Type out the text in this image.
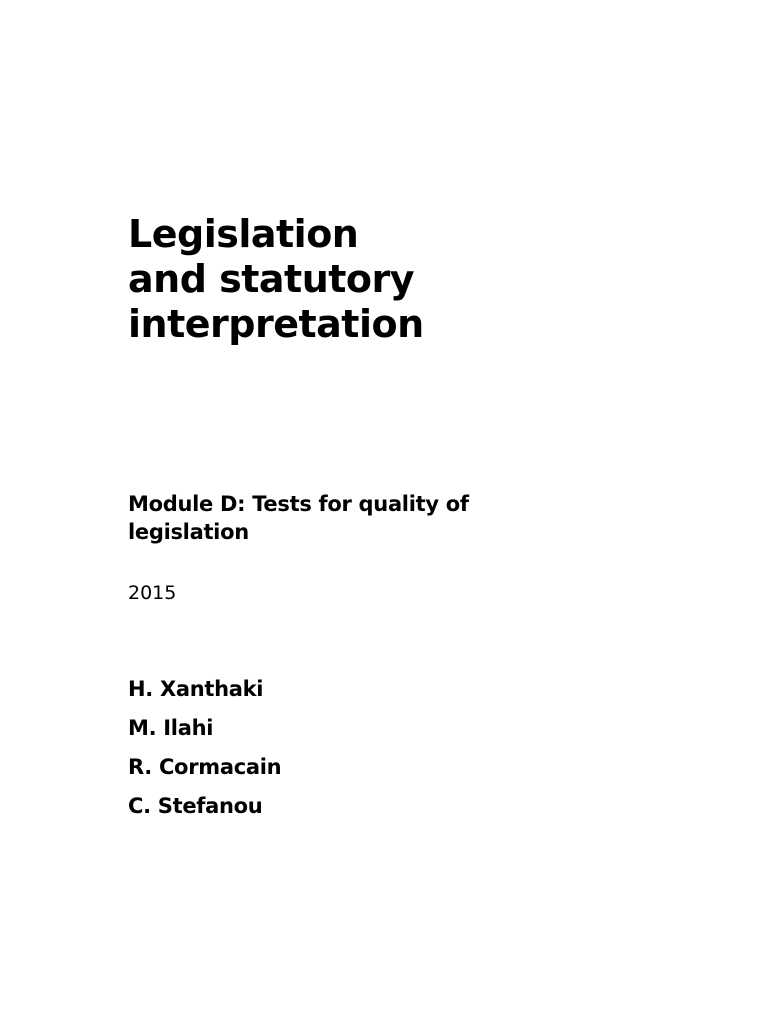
Legislation
and statutory
interpretation
Module D: Tests for quality of
legislation
2015
H. Xanthaki
M. Ilahi
R. Cormacain
C. Stefanou
